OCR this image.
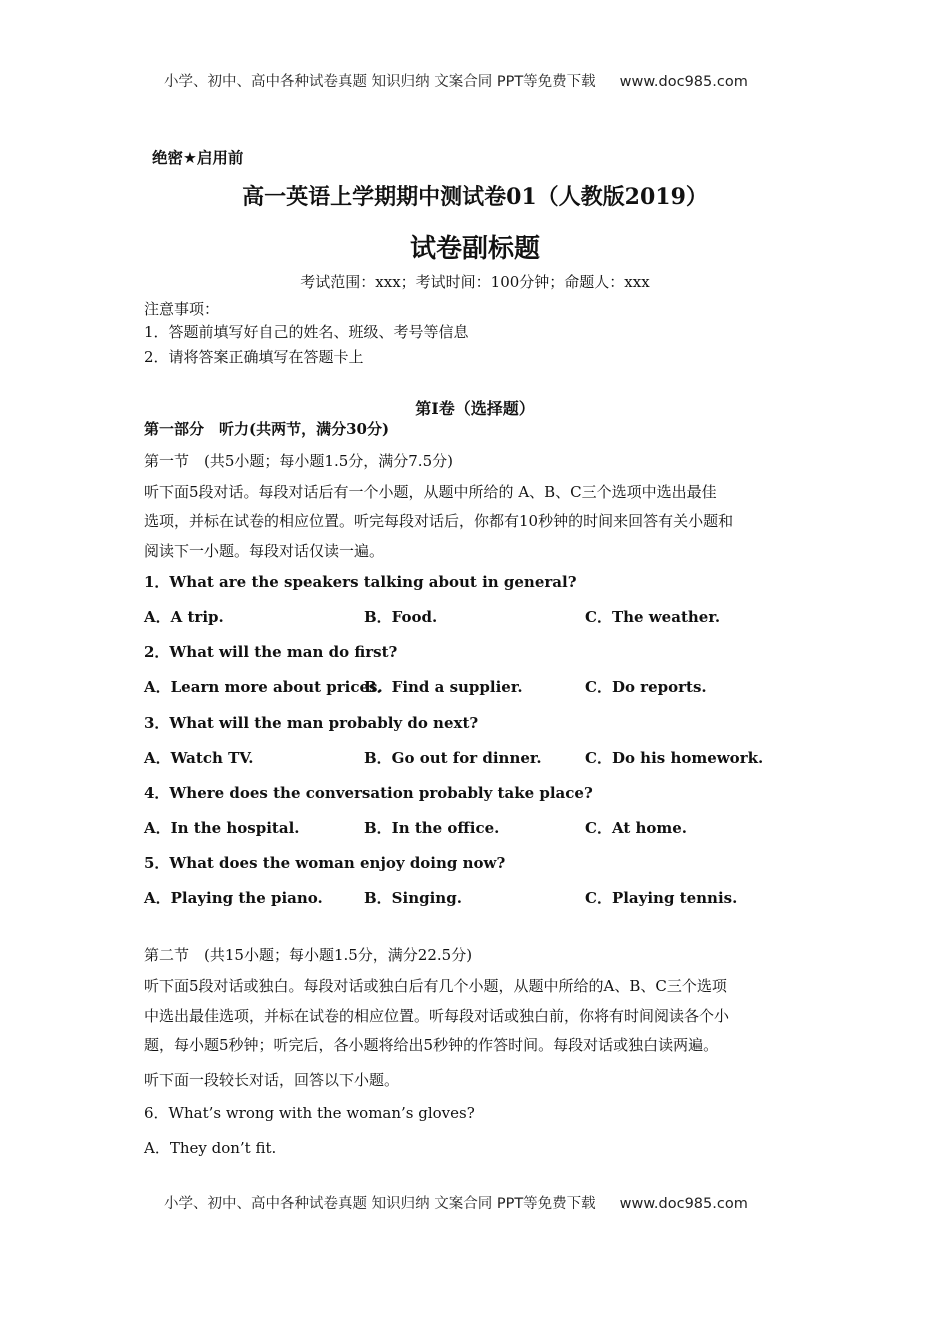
小学、初中、高中各种试卷真题 知识归纳 文案合同 PPT等免费下载 www.doc985.com
绝密★启用前
高一英语上学期期中测试卷01（人教版2019）
试卷副标题
考试范围：xxx；考试时间：100分钟；命题人：xxx
注意事项：
1．答题前填写好自己的姓名、班级、考号等信息
2．请将答案正确填写在答题卡上
第I卷（选择题）
第一部分　听力(共两节，满分30分)
第一节　(共5小题；每小题1.5分，满分7.5分)
听下面5段对话。每段对话后有一个小题，从题中所给的 A、B、C三个选项中选出最佳
选项，并标在试卷的相应位置。听完每段对话后，你都有10秒钟的时间来回答有关小题和
阅读下一小题。每段对话仅读一遍。
1．What are the speakers talking about in general?
A．A trip.	B．Food.	C．The weather.
2．What will the man do first?
A．Learn more about prices.
B．Find a supplier.	C．Do reports.
3．What will the man probably do next?
A．Watch TV.	B．Go out for dinner.	C．Do his homework.
4．Where does the conversation probably take place?
A．In the hospital.	B．In the office.	C．At home.
5．What does the woman enjoy doing now?
A．Playing the piano.	B．Singing.	C．Playing tennis.
第二节　(共15小题；每小题1.5分，满分22.5分)
听下面5段对话或独白。每段对话或独白后有几个小题，从题中所给的A、B、C三个选项
中选出最佳选项，并标在试卷的相应位置。听每段对话或独白前，你将有时间阅读各个小
题，每小题5秒钟；听完后，各小题将给出5秒钟的作答时间。每段对话或独白读两遍。
听下面一段较长对话，回答以下小题。
6．What’s wrong with the woman’s gloves?
A．They don’t fit.
小学、初中、高中各种试卷真题 知识归纳 文案合同 PPT等免费下载 www.doc985.com
